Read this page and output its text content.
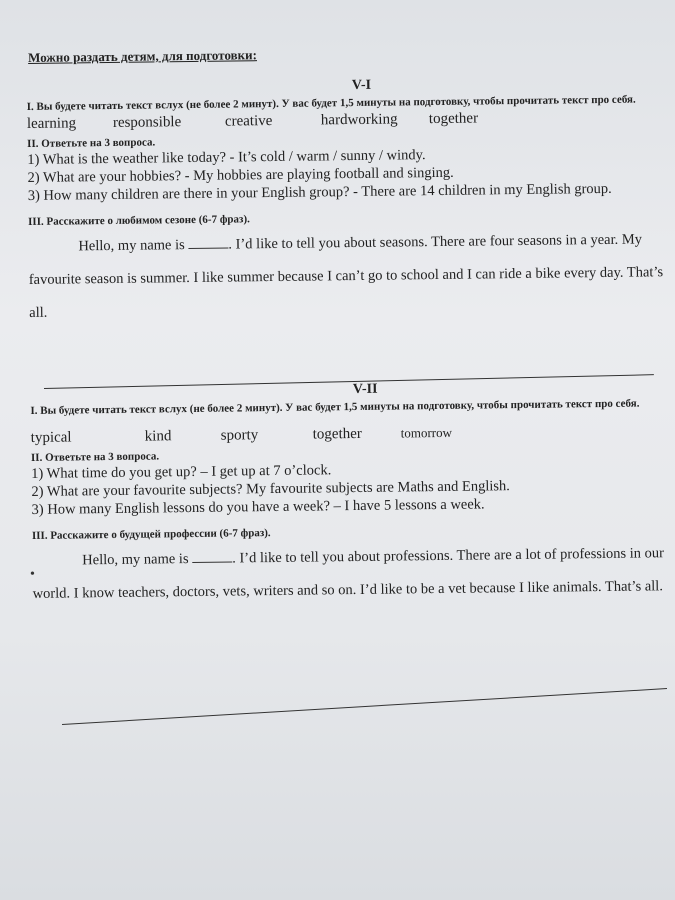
Можно раздать детям, для подготовки:
V-I
I. Вы будете читать текст вслух (не более 2 минут). У вас будет 1,5 минуты на подготовку, чтобы прочитать текст про себя.
learning	responsible	creative	hardworking	together
II. Ответьте на 3 вопроса.
1) What is the weather like today? - It’s cold / warm / sunny / windy.
2) What are your hobbies? - My hobbies are playing football and singing.
3) How many children are there in your English group? - There are 14 children in my English group.
III. Расскажите о любимом сезоне (6-7 фраз).
Hello, my name is	. I’d like to tell you about seasons. There are four seasons in a year. My favourite season is summer. I like summer because I can’t go to school and I can ride a bike every day. That’s all.
V-II
I. Вы будете читать текст вслух (не более 2 минут). У вас будет 1,5 минуты на подготовку, чтобы прочитать текст про себя.
typical	kind	sporty	together	tomorrow
II. Ответьте на 3 вопроса.
1) What time do you get up? – I get up at 7 o’clock.
2) What are your favourite subjects? My favourite subjects are Maths and English.
3) How many English lessons do you have a week? – I have 5 lessons a week.
III. Расскажите о будущей профессии (6-7 фраз).
Hello, my name is	. I’d like to tell you about professions. There are a lot of professions in our world. I know teachers, doctors, vets, writers and so on. I’d like to be a vet because I like animals. That’s all.
•
